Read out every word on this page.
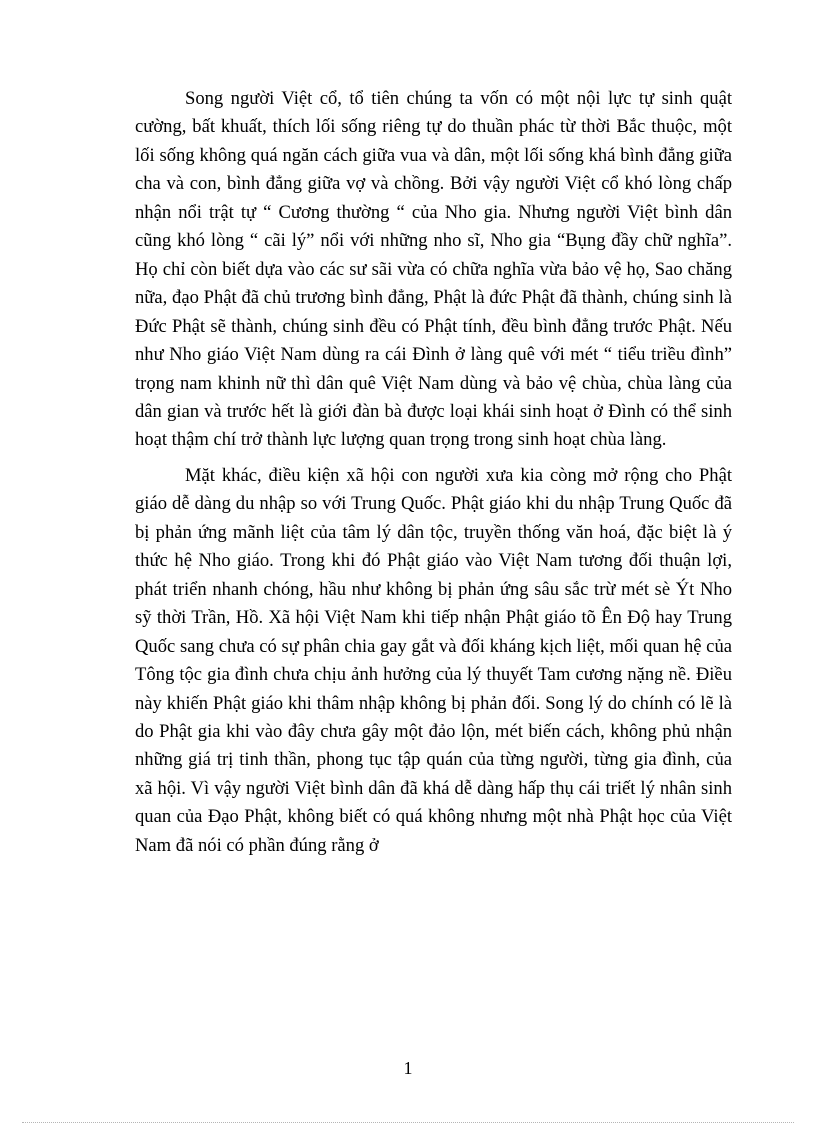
Song người Việt cổ, tổ tiên chúng ta vốn có một nội lực tự sinh quật cường, bất khuất, thích lối sống riêng tự do thuần phác từ thời Bắc thuộc, một lối sống không quá ngăn cách giữa vua và dân, một lối sống khá bình đẳng giữa cha và con, bình đẳng giữa vợ và chồng. Bởi vậy người Việt cổ khó lòng chấp nhận nổi trật tự “ Cương thường “ của Nho gia. Nhưng người Việt bình dân cũng khó lòng “ cãi lý” nổi với những nho sĩ, Nho gia “Bụng đầy chữ nghĩa”. Họ chỉ còn biết dựa vào các sư sãi vừa có chữa nghĩa vừa bảo vệ họ, Sao chăng nữa, đạo Phật đã chủ trương bình đẳng, Phật là đức Phật đã thành, chúng sinh là Đức Phật sẽ thành, chúng sinh đều có Phật tính, đều bình đẳng trước Phật. Nếu như Nho giáo Việt Nam dùng ra cái Đình ở làng quê với mét “ tiểu triều đình” trọng nam khinh nữ thì dân quê Việt Nam dùng và bảo vệ chùa, chùa làng của dân gian và trước hết là giới đàn bà được loại khái sinh hoạt ở Đình có thể sinh hoạt thậm chí trở thành lực lượng quan trọng trong sinh hoạt chùa làng.

Mặt khác, điều kiện xã hội con người xưa kia còng mở rộng cho Phật giáo dễ dàng du nhập so với Trung Quốc. Phật giáo khi du nhập Trung Quốc đã bị phản ứng mãnh liệt của tâm lý dân tộc, truyền thống văn hoá, đặc biệt là ý thức hệ Nho giáo. Trong khi đó Phật giáo vào Việt Nam tương đối thuận lợi, phát triển nhanh chóng, hầu như không bị phản ứng sâu sắc trừ mét sè Ýt Nho sỹ thời Trần, Hồ. Xã hội Việt Nam khi tiếp nhận Phật giáo tõ Ên Độ hay Trung Quốc sang chưa có sự phân chia gay gắt và đối kháng kịch liệt, mối quan hệ của Tông tộc gia đình chưa chịu ảnh hưởng của lý thuyết Tam cương nặng nề. Điều này khiến Phật giáo khi thâm nhập không bị phản đối. Song lý do chính có lẽ là do Phật gia khi vào đây chưa gây một đảo lộn, mét biến cách, không phủ nhận những giá trị tinh thần, phong tục tập quán của từng người, từng gia đình, của xã hội. Vì vậy người Việt bình dân đã khá dễ dàng hấp thụ cái triết lý nhân sinh quan của Đạo Phật, không biết có quá không nhưng một nhà Phật học của Việt Nam đã nói có phần đúng rằng ở

1
